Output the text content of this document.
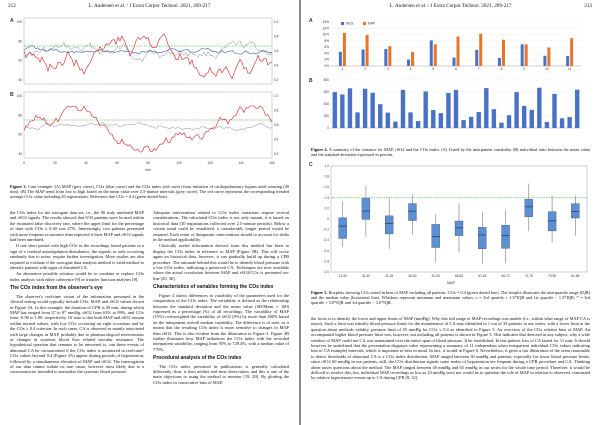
212	L. Andersen et al. / J Extra Corpor Technol. 2021, 209-217
A
40
60
80
100
0.2
0.4
0.6
0.8
1.0
B
40
60
80
100
0.2
0.4
0.6
0.8
1.0
0	20	40	60	80	100	120	140	160
min
Figure 3. Case example. (A) MAP (grey curve), COx (blue curve) and the COx index (red curve) from initiation of cardiopulmonary bypass until weaning (49 min). (B) The MAP trend from low to high based on the mean value over 2.5-minute intervals (grey curve). The red curve represents the corresponding trended average COx value including 20 registrations. Reference line COx = 0.4 (green dotted line).

the COx index for the surrogate data set, i.e., the 90 truly unrelated MAP and rSO2 signals. The results showed that 9/33 patients were located within the estimated false discovery rate, where the upper limit for the percentage of time with COx ≥ 0.40 was 27%. Interestingly, two patients presented with more frequent occurrence than expected if their MAP and rSO2 signals had been unrelated.

If one short period with high COx in the recordings found patients in a sign of a cerebral autoregulation disturbance, the signals, or only occurring randomly due to noise, require further investigation. More studies are also required to evaluate if the surrogate data analysis method is valid method to identify patients with signs of disturbed CA.

An alternative possible solution would be to combine or replace COx index analysis with either coherence [9] or transfer function analyses [8].

The COx index from the observer's eye

The observer's real-time vision of the information presented in the clinical setting would typically include COx, MAP, and rSO2 values shown in Figure 3A. In this example, the duration of CPB is 49 min, during which MAP has ranged from 37 to 87 mmHg, rSO2 from 63% to 89%, and COx from -0.96 to 1.00, respectively. Of note is that both MAP and rSO2 remain within normal values, with low COx occurring on eight occasions and by the COx ≥ 0.4 criterion. In such cases, CA is observed as mainly associated with large changes in MAP, probably due to pharmacological interventions or changes in systemic blood flow related vascular resistance. The hypothetical question that remains to be answered is, can these events of abnormal CA be circumvented if the COx index is monitored in real-time? COx values beyond 0.4 (Figure 3A) appear during periods of hypotension, followed by a simultaneous elevation of MAP and rSO2. The interrogation of our data cannot isolate its true cause, however most likely due to a vasoconstrictor intended to normalize the systemic blood pressure.

Adequate interventions related to COx index variations require several considerations. The calculated COx index is not only instant, it is based on historical data (30 registrations collected over 2.5-minute periods). Below a certain trend could be visualized, a considerably longer period would be required. Each event of therapeutic interventions should to account for shifts in the method applicability.

Clinically useful information derived from this method has been to display the COx index in reference to MAP (Figure 3B). This will occur again on historical data, however, it can gradually build up during a CPB procedure. The rationale behind this would be to identify blood pressure with a low COx index, indicating a preserved CA. Techniques are now available where the actual correlation between MAP and rSO2/COx is presented on-line [29, 30].

Characteristics of variables forming the COx index

Figure 4 shows differences in variability of the parameters used for the composition of the COx index. The variability is defined as the relationship between the standard deviation and the mean value (SD/Mean × 100) expressed as a percentage (%) of all recordings. The variability of MAP (15%) overweighted the variability of rSO2 (5%) by more than 300% based on the interpatient overall median variability. The difference is of note, as it means that the resulting COx index is more sensitive to changes in MAP than rSO2. This is also evident from the illustration in Figure 3. Figure 4B further illustrates how MAP influences the COx index with the recorded interpatient variability, ranging from 95% to 729.4%, with a median value of 779%.

Procedural analysis of the COx index

The COx index presented in publications is generally calculated differently; thus, it does neither real-time observation, and this is one of the main objections to using the method to monitor [19, 29]. By plotting the COx index in consecutive bins of MAP,

L. Andersen et al. / J Extra Corpor Technol. 2021, 209-217	213
A
0%
2%
4%
6%
8%
10%
12%
14%
1	2	3	4	5	6	7	8	9	10	11
rSO2	MAP
B
0
200
400
600
800
Figure 4. A summary of the variance for MAP, rSO2 and the COx index. (A) Listed by the interpatient variability (B) individual ratio between the mean value and the standard deviation expressed in percent.
C
-1.0
-0.8
-0.6
-0.4
-0.2
0
0.2
0.4
0.6
0.8
1.0
21-30	31-40	41-45	46-50	51-55	56-60	61-65	66-70	71-75	76-80	81-85
MAP
Figure 5. Boxplots showing COx sorted in bins of MAP including all patients. COx = 0.4 (green dotted line). The boxplot illustrates the interquartile range (IQR) and the median value (horizontal line). Whiskers represent minimum and maximum values, o = 3rd quartile + 1.5*IQR and 1st quartile − 1.5*IQR, * = 3rd quartile + 3.0*IQR and 1st quartile − 3.0*IQR.

the focus is to identify the lower and upper limits of MAP (mmHg). Why this full range of MAP recordings was unable (i.e., within what range of MAP CA is intact). Such a limit was identify blood pressure limits for the maintenance of CA may identified in 1 out of 33 patients in our series, with a lower limit at the question about methods validity. pressure limit of 55 mmHg for COx ≥ 0.4 as identified in Figure 5. An overview of the COx relative bins of MAP. An accompanied higher blood pressure limit was, however, not including all patients is shown in Figure 5. This indicates that detected in any subject, why a wide window of MAP could not CA was maintained over the entire span of blood pressure. It be established. In this patient, loss of CA lasted for 11 min. It should however be underlined that the presentation disguises value representing a summary of 11 independent when interpatient individual COx values indicating loss of CA example) intervals, which is important to bear in mind. In fact, it would in Figure 6. Nevertheless, it gives a fair illustration of the seem reasonable to detect thresholds of abnormal CA is a COx index distribution. MAP ranged between 30 mmHg and patients, especially for lower blood pressure limits, since rSO2 60 mmHg in our patients, still, the COx distribution signals some nodes of hypotension are frequent during a CPB procedure and CA. Thinking alone raises questions about the method. The MAP ranged between 40 mmHg and 65 mmHg in our series for the whole time period. Therefore, it would be difficult to resolve this, but, individual MAP recordings as low as 23 mmHg were not would be to question the role of MAP in relation to observed, contrasted by relative hypertensive events up to CA during CPB [8, 32].
